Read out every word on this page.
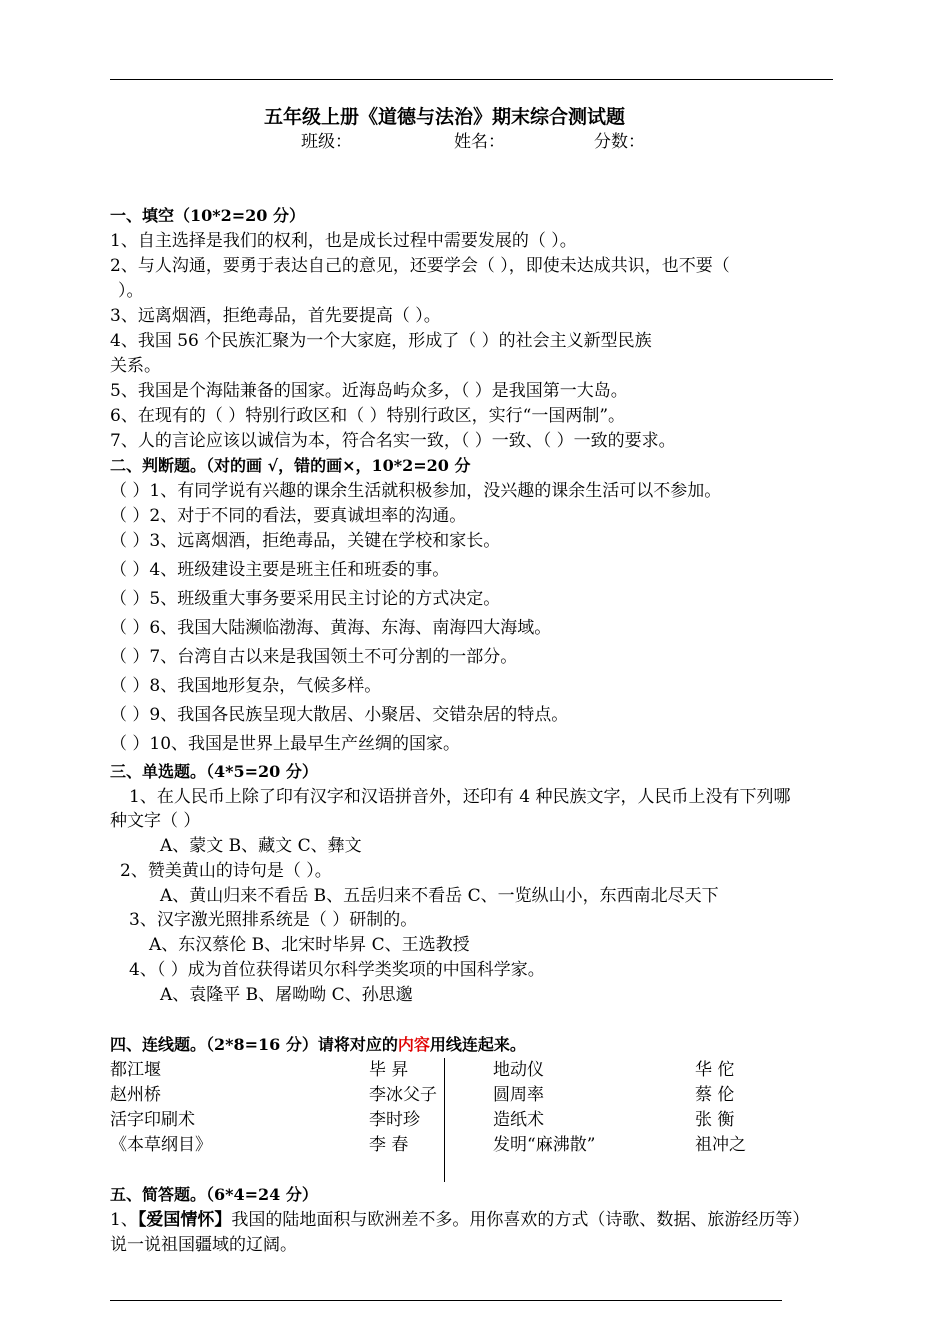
五年级上册《道德与法治》期末综合测试题
班级：	姓名：	分数：
一、填空（10*2=20 分）
1、自主选择是我们的权利，也是成长过程中需要发展的（ ）。
2、与人沟通，要勇于表达自己的意见，还要学会（ ），即使未达成共识，也不要（
）。
3、远离烟酒，拒绝毒品，首先要提高（ ）。
4、我国 56 个民族汇聚为一个大家庭，形成了（ ）的社会主义新型民族
关系。
5、我国是个海陆兼备的国家。近海岛屿众多，（ ）是我国第一大岛。
6、在现有的（ ）特别行政区和（ ）特别行政区，实行“一国两制”。
7、人的言论应该以诚信为本，符合名实一致，（ ）一致、（ ）一致的要求。
二、判断题。（对的画 √，错的画×，10*2=20 分
（ ）1、有同学说有兴趣的课余生活就积极参加，没兴趣的课余生活可以不参加。
（ ）2、对于不同的看法，要真诚坦率的沟通。
（ ）3、远离烟酒，拒绝毒品，关键在学校和家长。
（ ）4、班级建设主要是班主任和班委的事。
（ ）5、班级重大事务要采用民主讨论的方式决定。
（ ）6、我国大陆濒临渤海、黄海、东海、南海四大海域。
（ ）7、台湾自古以来是我国领土不可分割的一部分。
（ ）8、我国地形复杂，气候多样。
（ ）9、我国各民族呈现大散居、小聚居、交错杂居的特点。
（ ）10、我国是世界上最早生产丝绸的国家。
三、单选题。（4*5=20 分）
1、在人民币上除了印有汉字和汉语拼音外，还印有 4 种民族文字，人民币上没有下列哪
种文字（ ）
A、蒙文 B、藏文 C、彝文
2、赞美黄山的诗句是（ ）。
A、黄山归来不看岳 B、五岳归来不看岳 C、一览纵山小，东西南北尽天下
3、汉字激光照排系统是（ ）研制的。
A、东汉蔡伦 B、北宋时毕昇 C、王选教授
4、（ ）成为首位获得诺贝尔科学类奖项的中国科学家。
A、袁隆平 B、屠呦呦 C、孙思邈
四、连线题。（2*8=16 分）请将对应的内容用线连起来。
都江堰
赵州桥
活字印刷术
《本草纲目》
毕 昇
李冰父子
李时珍
李 春
地动仪
圆周率
造纸术
发明“麻沸散”
华 佗
蔡 伦
张 衡
祖冲之
五、简答题。（6*4=24 分）
1、【爱国情怀】我国的陆地面积与欧洲差不多。用你喜欢的方式（诗歌、数据、旅游经历等）
说一说祖国疆域的辽阔。
